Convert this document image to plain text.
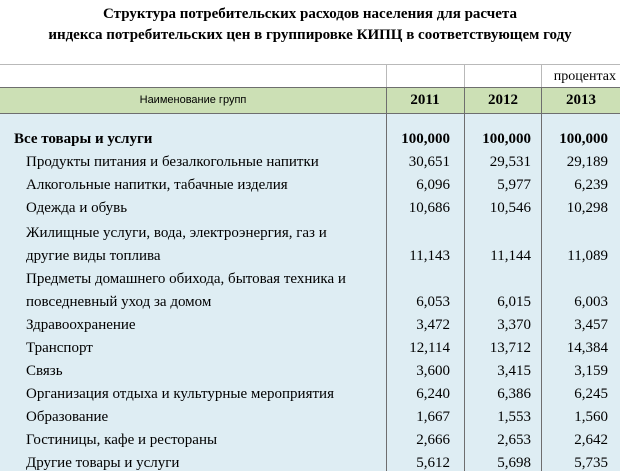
Структура потребительских расходов населения для расчета
индекса потребительских цен в группировке КИПЦ в соответствующем году
процентах
Наименование групп	2011	2012	2013
Все товары и услуги	100,000	100,000	100,000
Продукты питания и безалкогольные напитки	30,651	29,531	29,189
Алкогольные напитки, табачные изделия	6,096	5,977	6,239
Одежда и обувь	10,686	10,546	10,298
Жилищные услуги, вода, электроэнергия, газ и
другие виды топлива	11,143	11,144	11,089
Предметы домашнего обихода, бытовая техника и
повседневный уход за домом	6,053	6,015	6,003
Здравоохранение	3,472	3,370	3,457
Транспорт	12,114	13,712	14,384
Связь	3,600	3,415	3,159
Организация отдыха и культурные мероприятия	6,240	6,386	6,245
Образование	1,667	1,553	1,560
Гостиницы, кафе и рестораны	2,666	2,653	2,642
Другие товары и услуги	5,612	5,698	5,735
